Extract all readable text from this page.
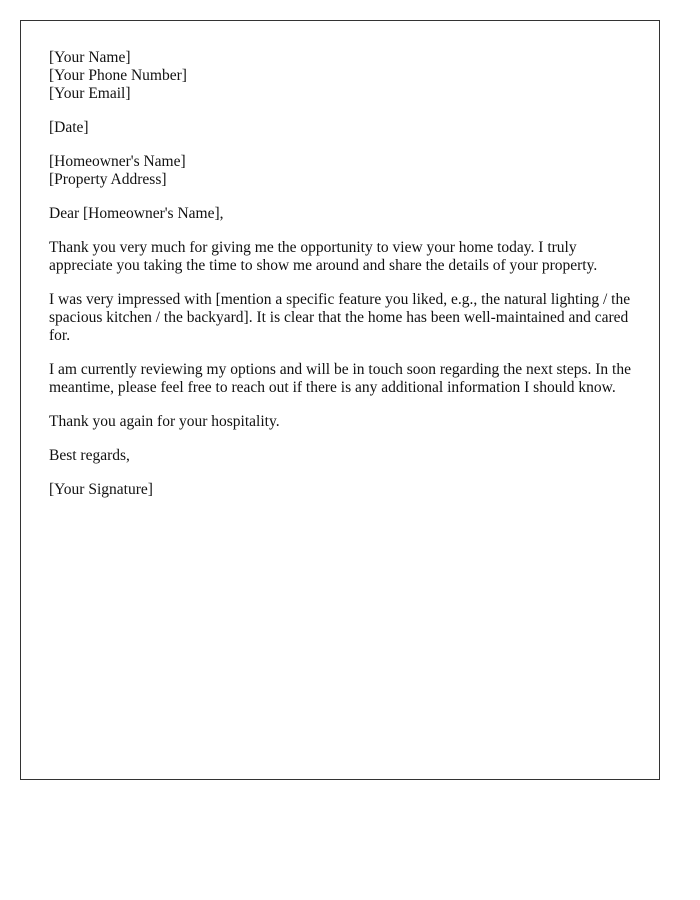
[Your Name]
[Your Phone Number]
[Your Email]
[Date]
[Homeowner's Name]
[Property Address]

Dear [Homeowner's Name],

Thank you very much for giving me the opportunity to view your home today. I truly appreciate you taking the time to show me around and share the details of your property.

I was very impressed with [mention a specific feature you liked, e.g., the natural lighting / the spacious kitchen / the backyard]. It is clear that the home has been well-maintained and cared for.

I am currently reviewing my options and will be in touch soon regarding the next steps. In the meantime, please feel free to reach out if there is any additional information I should know.

Thank you again for your hospitality.

Best regards,

[Your Signature]
